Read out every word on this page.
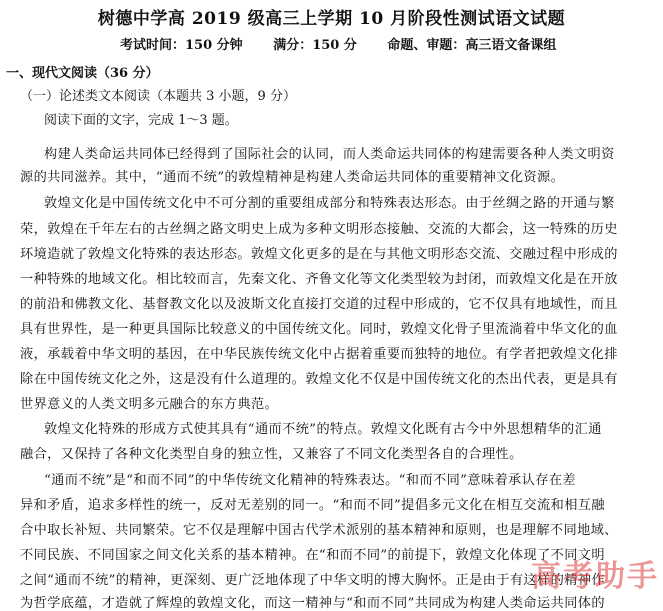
树德中学高 2019 级高三上学期 10 月阶段性测试语文试题
考试时间：150 分钟 满分：150 分 命题、审题：高三语文备课组
一、现代文阅读（36 分）
（一）论述类文本阅读（本题共 3 小题，9 分）
阅读下面的文字，完成 1～3 题。
构建人类命运共同体已经得到了国际社会的认同，而人类命运共同体的构建需要各种人类文明资
源的共同滋养。其中，“通而不统”的敦煌精神是构建人类命运共同体的重要精神文化资源。
敦煌文化是中国传统文化中不可分割的重要组成部分和特殊表达形态。由于丝绸之路的开通与繁
荣，敦煌在千年左右的古丝绸之路文明史上成为多种文明形态接触、交流的大都会，这一特殊的历史
环境造就了敦煌文化特殊的表达形态。敦煌文化更多的是在与其他文明形态交流、交融过程中形成的
一种特殊的地域文化。相比较而言，先秦文化、齐鲁文化等文化类型较为封闭，而敦煌文化是在开放
的前沿和佛教文化、基督教文化以及波斯文化直接打交道的过程中形成的，它不仅具有地域性，而且
具有世界性，是一种更具国际比较意义的中国传统文化。同时，敦煌文化骨子里流淌着中华文化的血
液，承载着中华文明的基因，在中华民族传统文化中占据着重要而独特的地位。有学者把敦煌文化排
除在中国传统文化之外，这是没有什么道理的。敦煌文化不仅是中国传统文化的杰出代表，更是具有
世界意义的人类文明多元融合的东方典范。
敦煌文化特殊的形成方式使其具有“通而不统”的特点。敦煌文化既有古今中外思想精华的汇通
融合，又保持了各种文化类型自身的独立性，又兼容了不同文化类型各自的合理性。
“通而不统”是“和而不同”的中华传统文化精神的特殊表达。“和而不同”意味着承认存在差
异和矛盾，追求多样性的统一，反对无差别的同一。“和而不同”提倡多元文化在相互交流和相互融
合中取长补短、共同繁荣。它不仅是理解中国古代学术派别的基本精神和原则，也是理解不同地域、
不同民族、不同国家之间文化关系的基本精神。在“和而不同”的前提下，敦煌文化体现了不同文明
之间“通而不统”的精神，更深刻、更广泛地体现了中华文明的博大胸怀。正是由于有这样的精神作
为哲学底蕴，才造就了辉煌的敦煌文化，而这一精神与“和而不同”共同成为构建人类命运共同体的
高考助手
